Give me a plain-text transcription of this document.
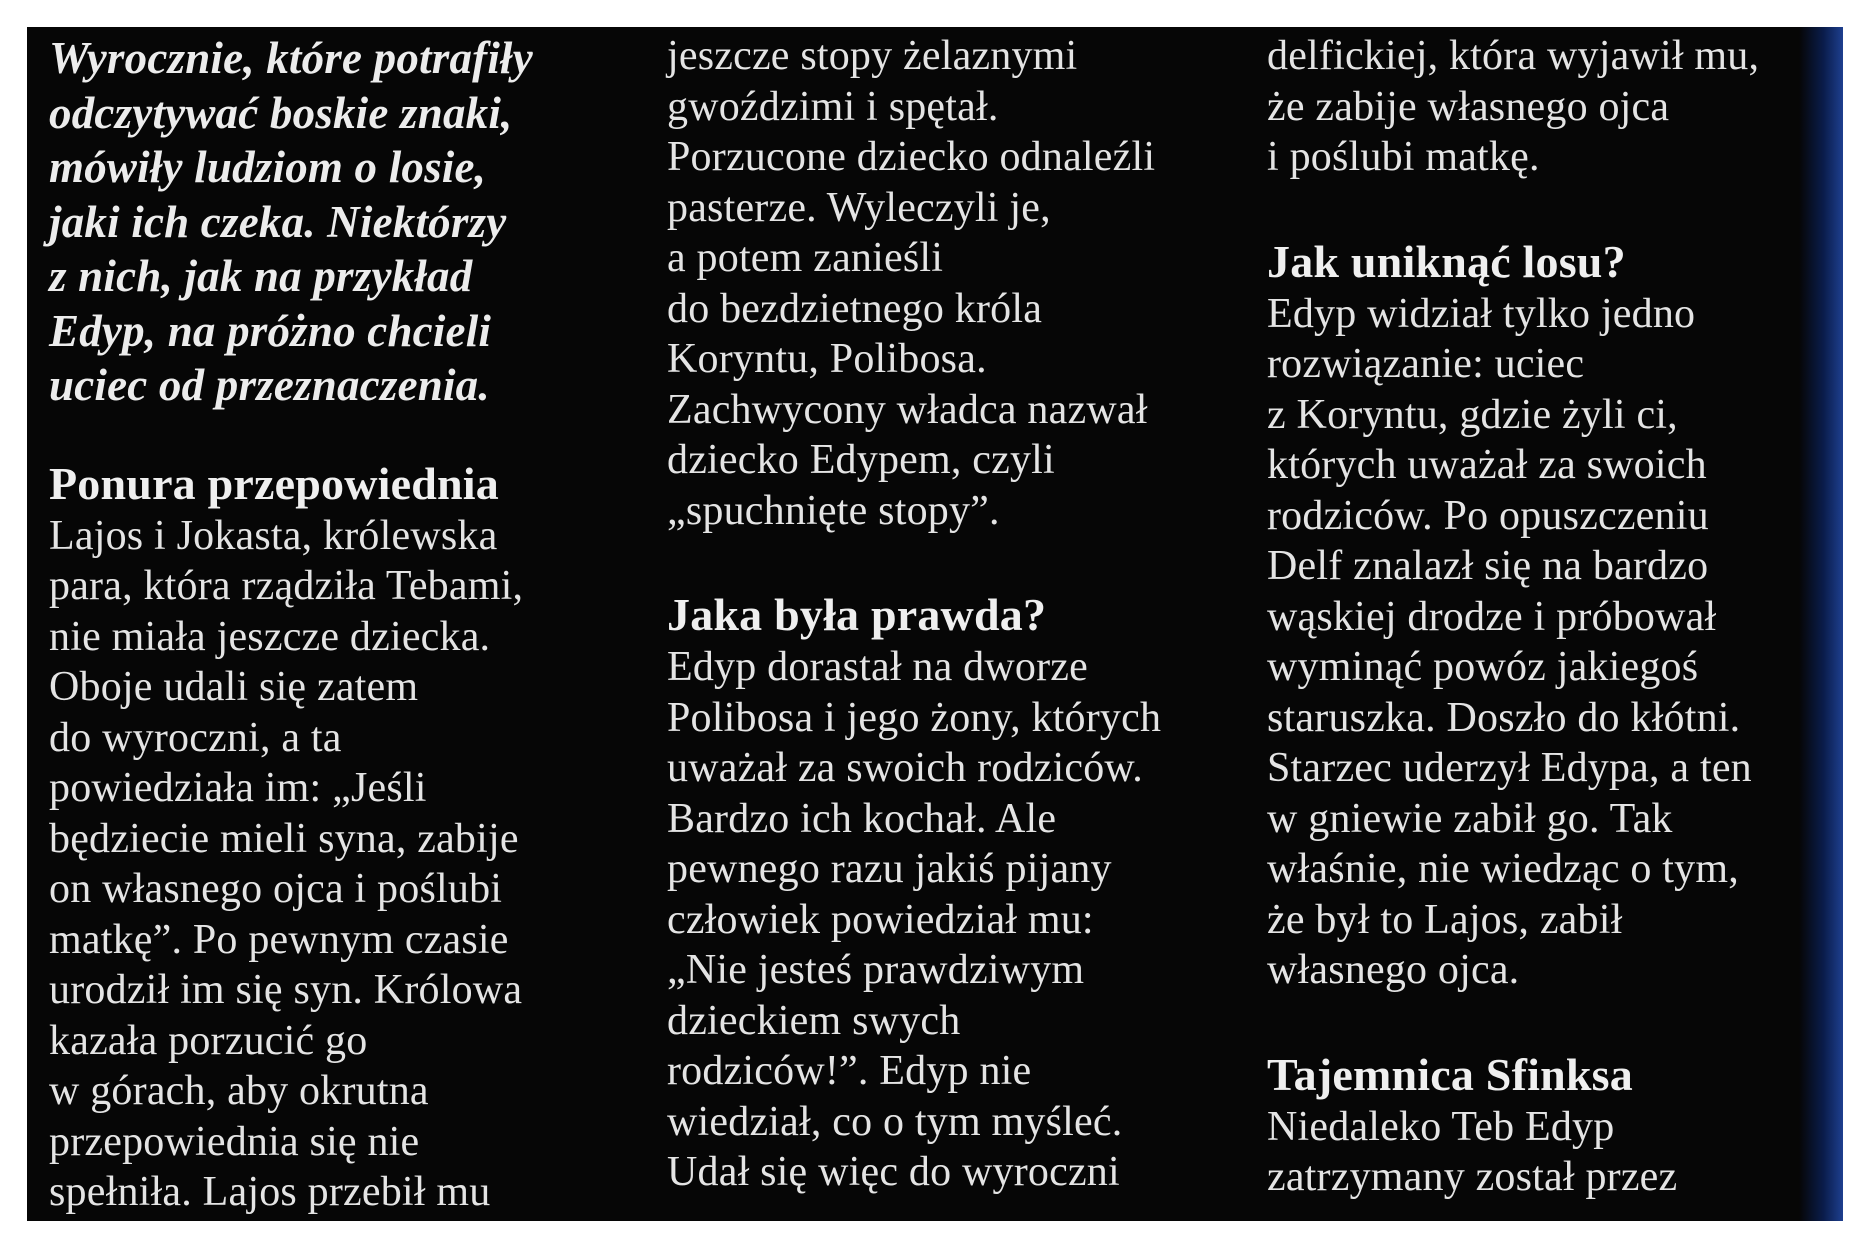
Wyrocznie, które potrafiły
odczytywać boskie znaki,
mówiły ludziom o losie,
jaki ich czeka. Niektórzy
z nich, jak na przykład
Edyp, na próżno chcieli
uciec od przeznaczenia.
Ponura przepowiednia
Lajos i Jokasta, królewska
para, która rządziła Tebami,
nie miała jeszcze dziecka.
Oboje udali się zatem
do wyroczni, a ta
powiedziała im: „Jeśli
będziecie mieli syna, zabije
on własnego ojca i poślubi
matkę”. Po pewnym czasie
urodził im się syn. Królowa
kazała porzucić go
w górach, aby okrutna
przepowiednia się nie
spełniła. Lajos przebił mu
jeszcze stopy żelaznymi
gwoździmi i spętał.
Porzucone dziecko odnaleźli
pasterze. Wyleczyli je,
a potem zanieśli
do bezdzietnego króla
Koryntu, Polibosa.
Zachwycony władca nazwał
dziecko Edypem, czyli
„spuchnięte stopy”.
Jaka była prawda?
Edyp dorastał na dworze
Polibosa i jego żony, których
uważał za swoich rodziców.
Bardzo ich kochał. Ale
pewnego razu jakiś pijany
człowiek powiedział mu:
„Nie jesteś prawdziwym
dzieckiem swych
rodziców!”. Edyp nie
wiedział, co o tym myśleć.
Udał się więc do wyroczni
delfickiej, która wyjawił mu,
że zabije własnego ojca
i poślubi matkę.
Jak uniknąć losu?
Edyp widział tylko jedno
rozwiązanie: uciec
z Koryntu, gdzie żyli ci,
których uważał za swoich
rodziców. Po opuszczeniu
Delf znalazł się na bardzo
wąskiej drodze i próbował
wyminąć powóz jakiegoś
staruszka. Doszło do kłótni.
Starzec uderzył Edypa, a ten
w gniewie zabił go. Tak
właśnie, nie wiedząc o tym,
że był to Lajos, zabił
własnego ojca.
Tajemnica Sfinksa
Niedaleko Teb Edyp
zatrzymany został przez
